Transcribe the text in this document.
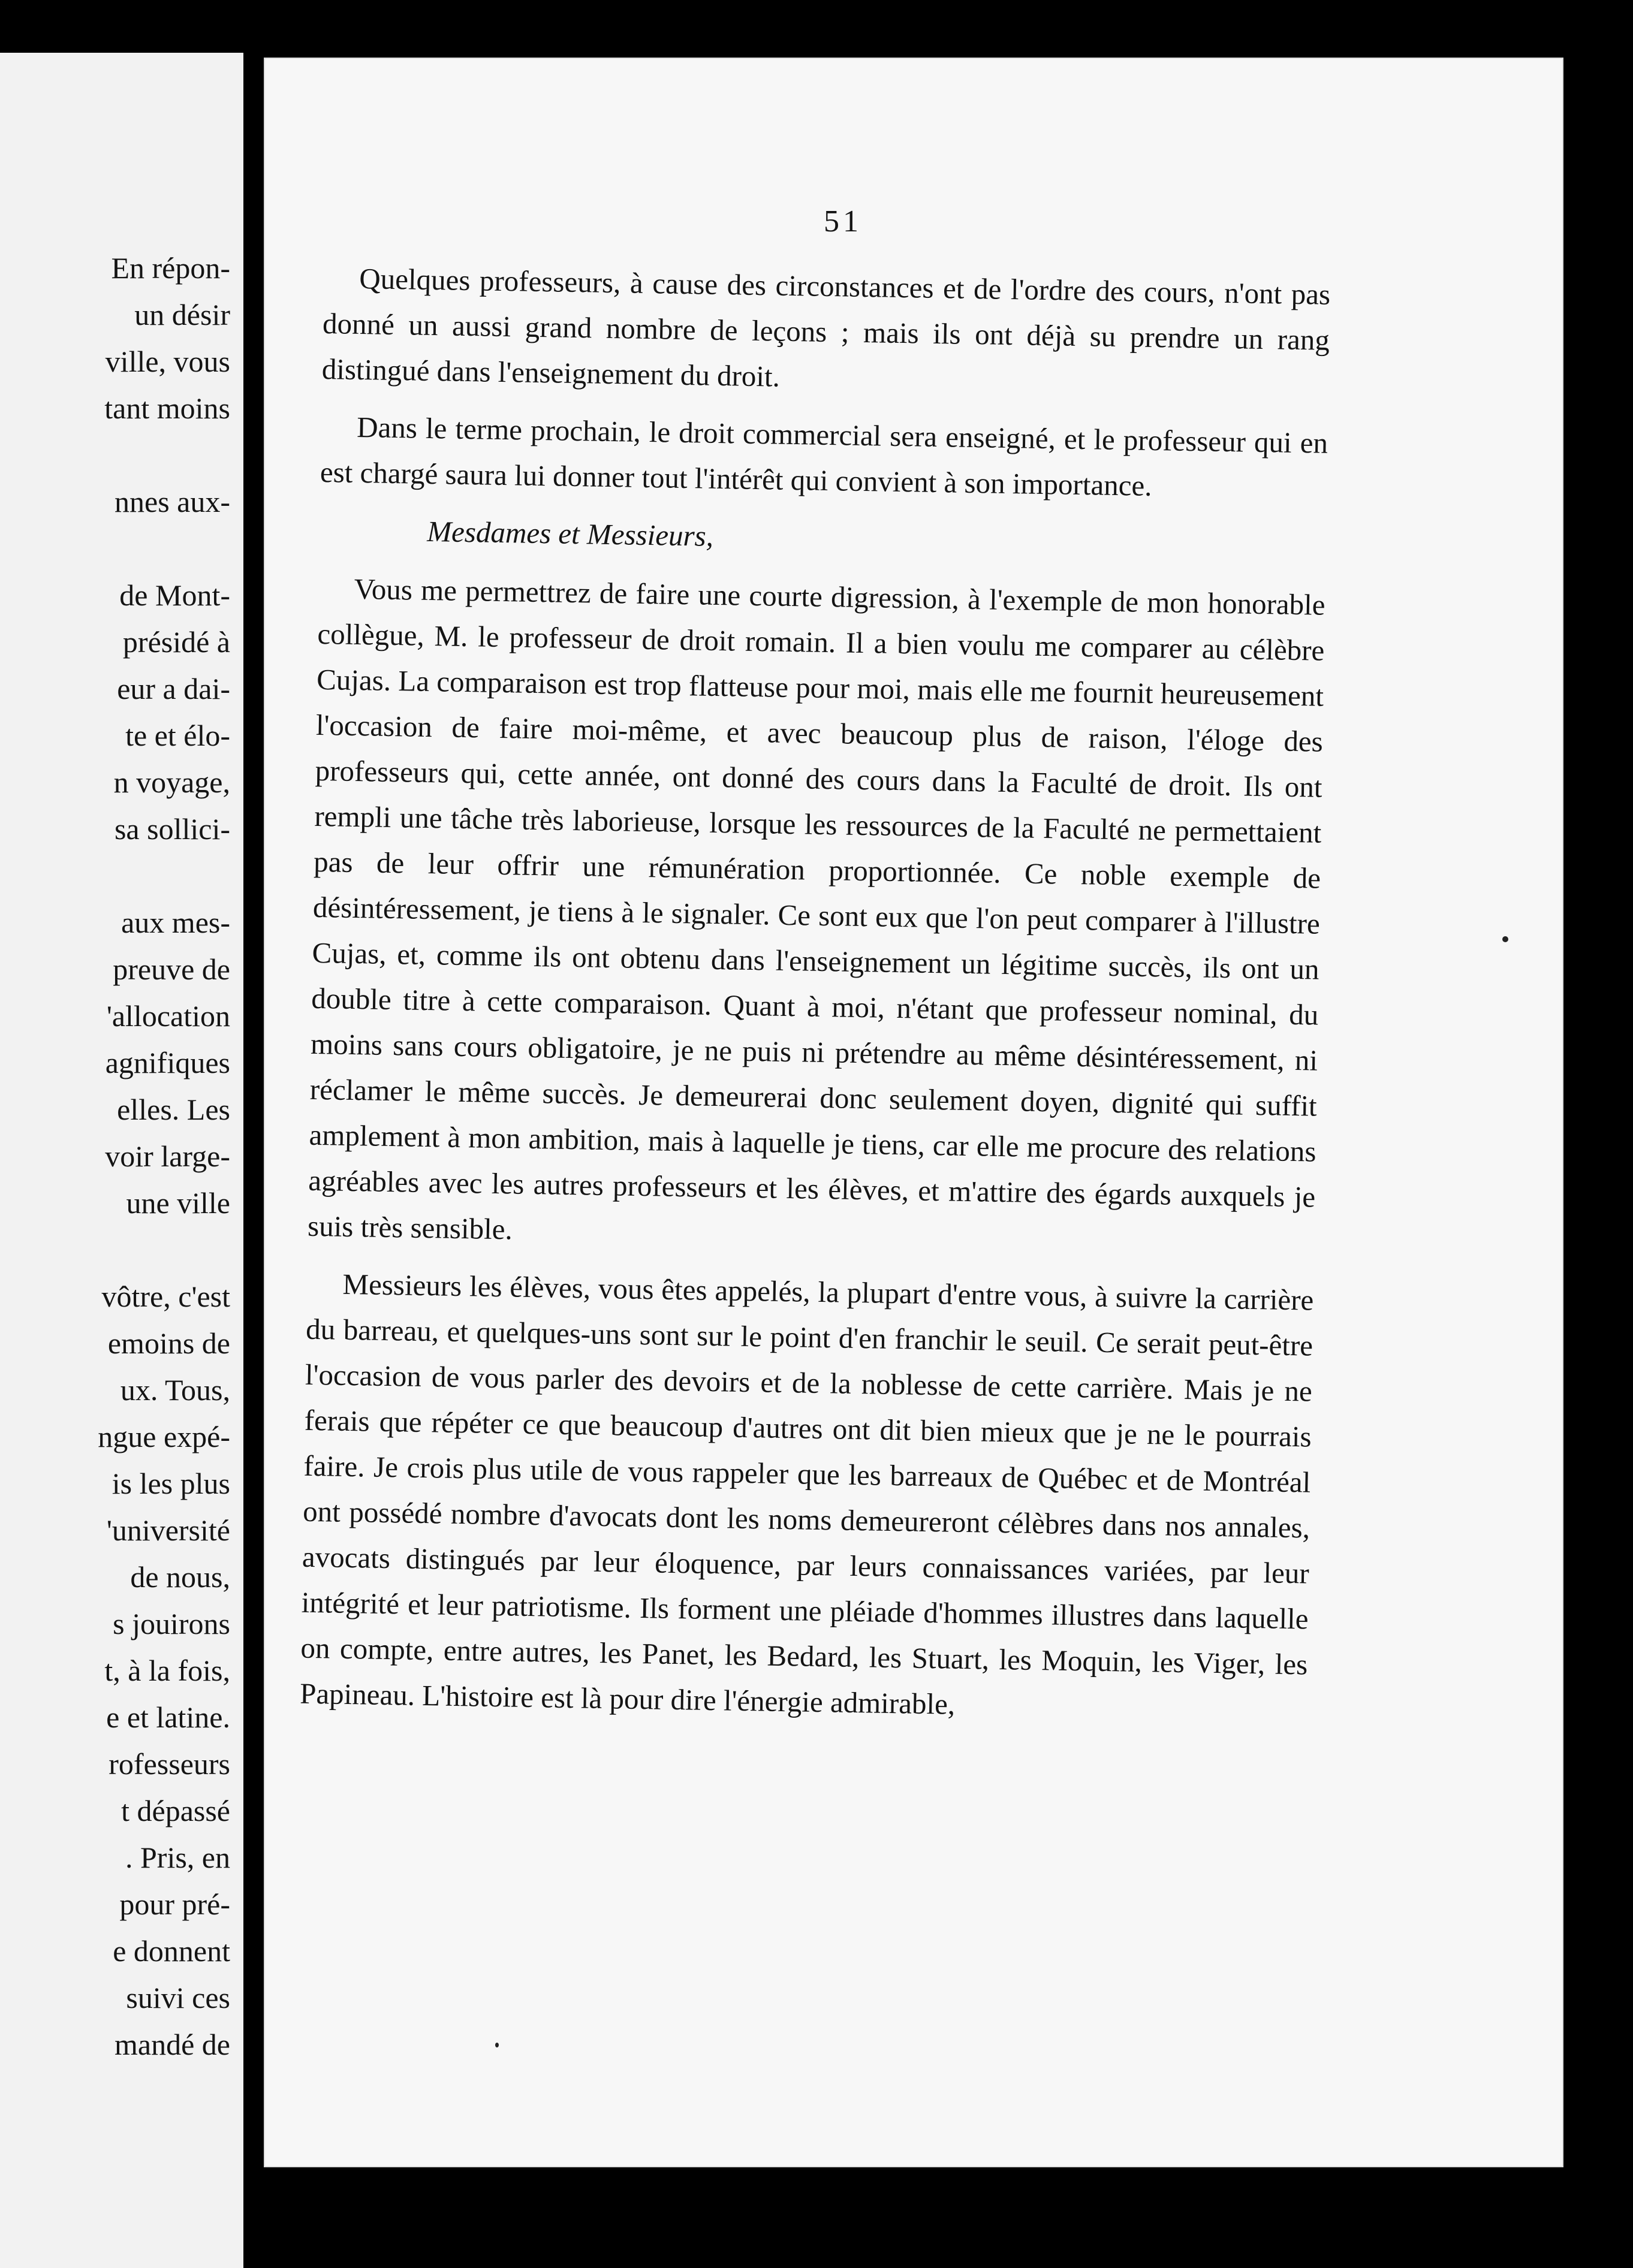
En répon-
un désir
ville, vous
tant moins
nnes aux-
de Mont-
présidé à
eur a dai-
te et élo-
n voyage,
sa sollici-
aux mes-
preuve de
'allocation
agnifiques
elles. Les
voir large-
une ville
vôtre, c'est
emoins de
ux. Tous,
ngue expé-
is les plus
'université
de nous,
s jouirons
t, à la fois,
e et latine.
rofesseurs
t dépassé
. Pris, en
pour pré-
e donnent
suivi ces
mandé de
51

Quelques professeurs, à cause des circonstances et de l'ordre des cours, n'ont pas donné un aussi grand nombre de leçons ; mais ils ont déjà su prendre un rang distingué dans l'enseignement du droit.

Dans le terme prochain, le droit commercial sera enseigné, et le professeur qui en est chargé saura lui donner tout l'intérêt qui convient à son importance.

Mesdames et Messieurs,

Vous me permettrez de faire une courte digression, à l'exemple de mon honorable collègue, M. le professeur de droit romain. Il a bien voulu me comparer au célèbre Cujas. La comparaison est trop flatteuse pour moi, mais elle me fournit heureusement l'occasion de faire moi-même, et avec beaucoup plus de raison, l'éloge des professeurs qui, cette année, ont donné des cours dans la Faculté de droit. Ils ont rempli une tâche très laborieuse, lorsque les ressources de la Faculté ne permettaient pas de leur offrir une rémunération proportionnée. Ce noble exemple de désintéressement, je tiens à le signaler. Ce sont eux que l'on peut comparer à l'illustre Cujas, et, comme ils ont obtenu dans l'enseignement un légitime succès, ils ont un double titre à cette comparaison. Quant à moi, n'étant que professeur nominal, du moins sans cours obligatoire, je ne puis ni prétendre au même désintéressement, ni réclamer le même succès. Je demeurerai donc seulement doyen, dignité qui suffit amplement à mon ambition, mais à laquelle je tiens, car elle me procure des relations agréables avec les autres professeurs et les élèves, et m'attire des égards auxquels je suis très sensible.

Messieurs les élèves, vous êtes appelés, la plupart d'entre vous, à suivre la carrière du barreau, et quelques-uns sont sur le point d'en franchir le seuil. Ce serait peut-être l'occasion de vous parler des devoirs et de la noblesse de cette carrière. Mais je ne ferais que répéter ce que beaucoup d'autres ont dit bien mieux que je ne le pourrais faire. Je crois plus utile de vous rappeler que les barreaux de Québec et de Montréal ont possédé nombre d'avocats dont les noms demeureront célèbres dans nos annales, avocats distingués par leur éloquence, par leurs connaissances variées, par leur intégrité et leur patriotisme. Ils forment une pléiade d'hommes illustres dans laquelle on compte, entre autres, les Panet, les Bedard, les Stuart, les Moquin, les Viger, les Papineau. L'histoire est là pour dire l'énergie admirable,
